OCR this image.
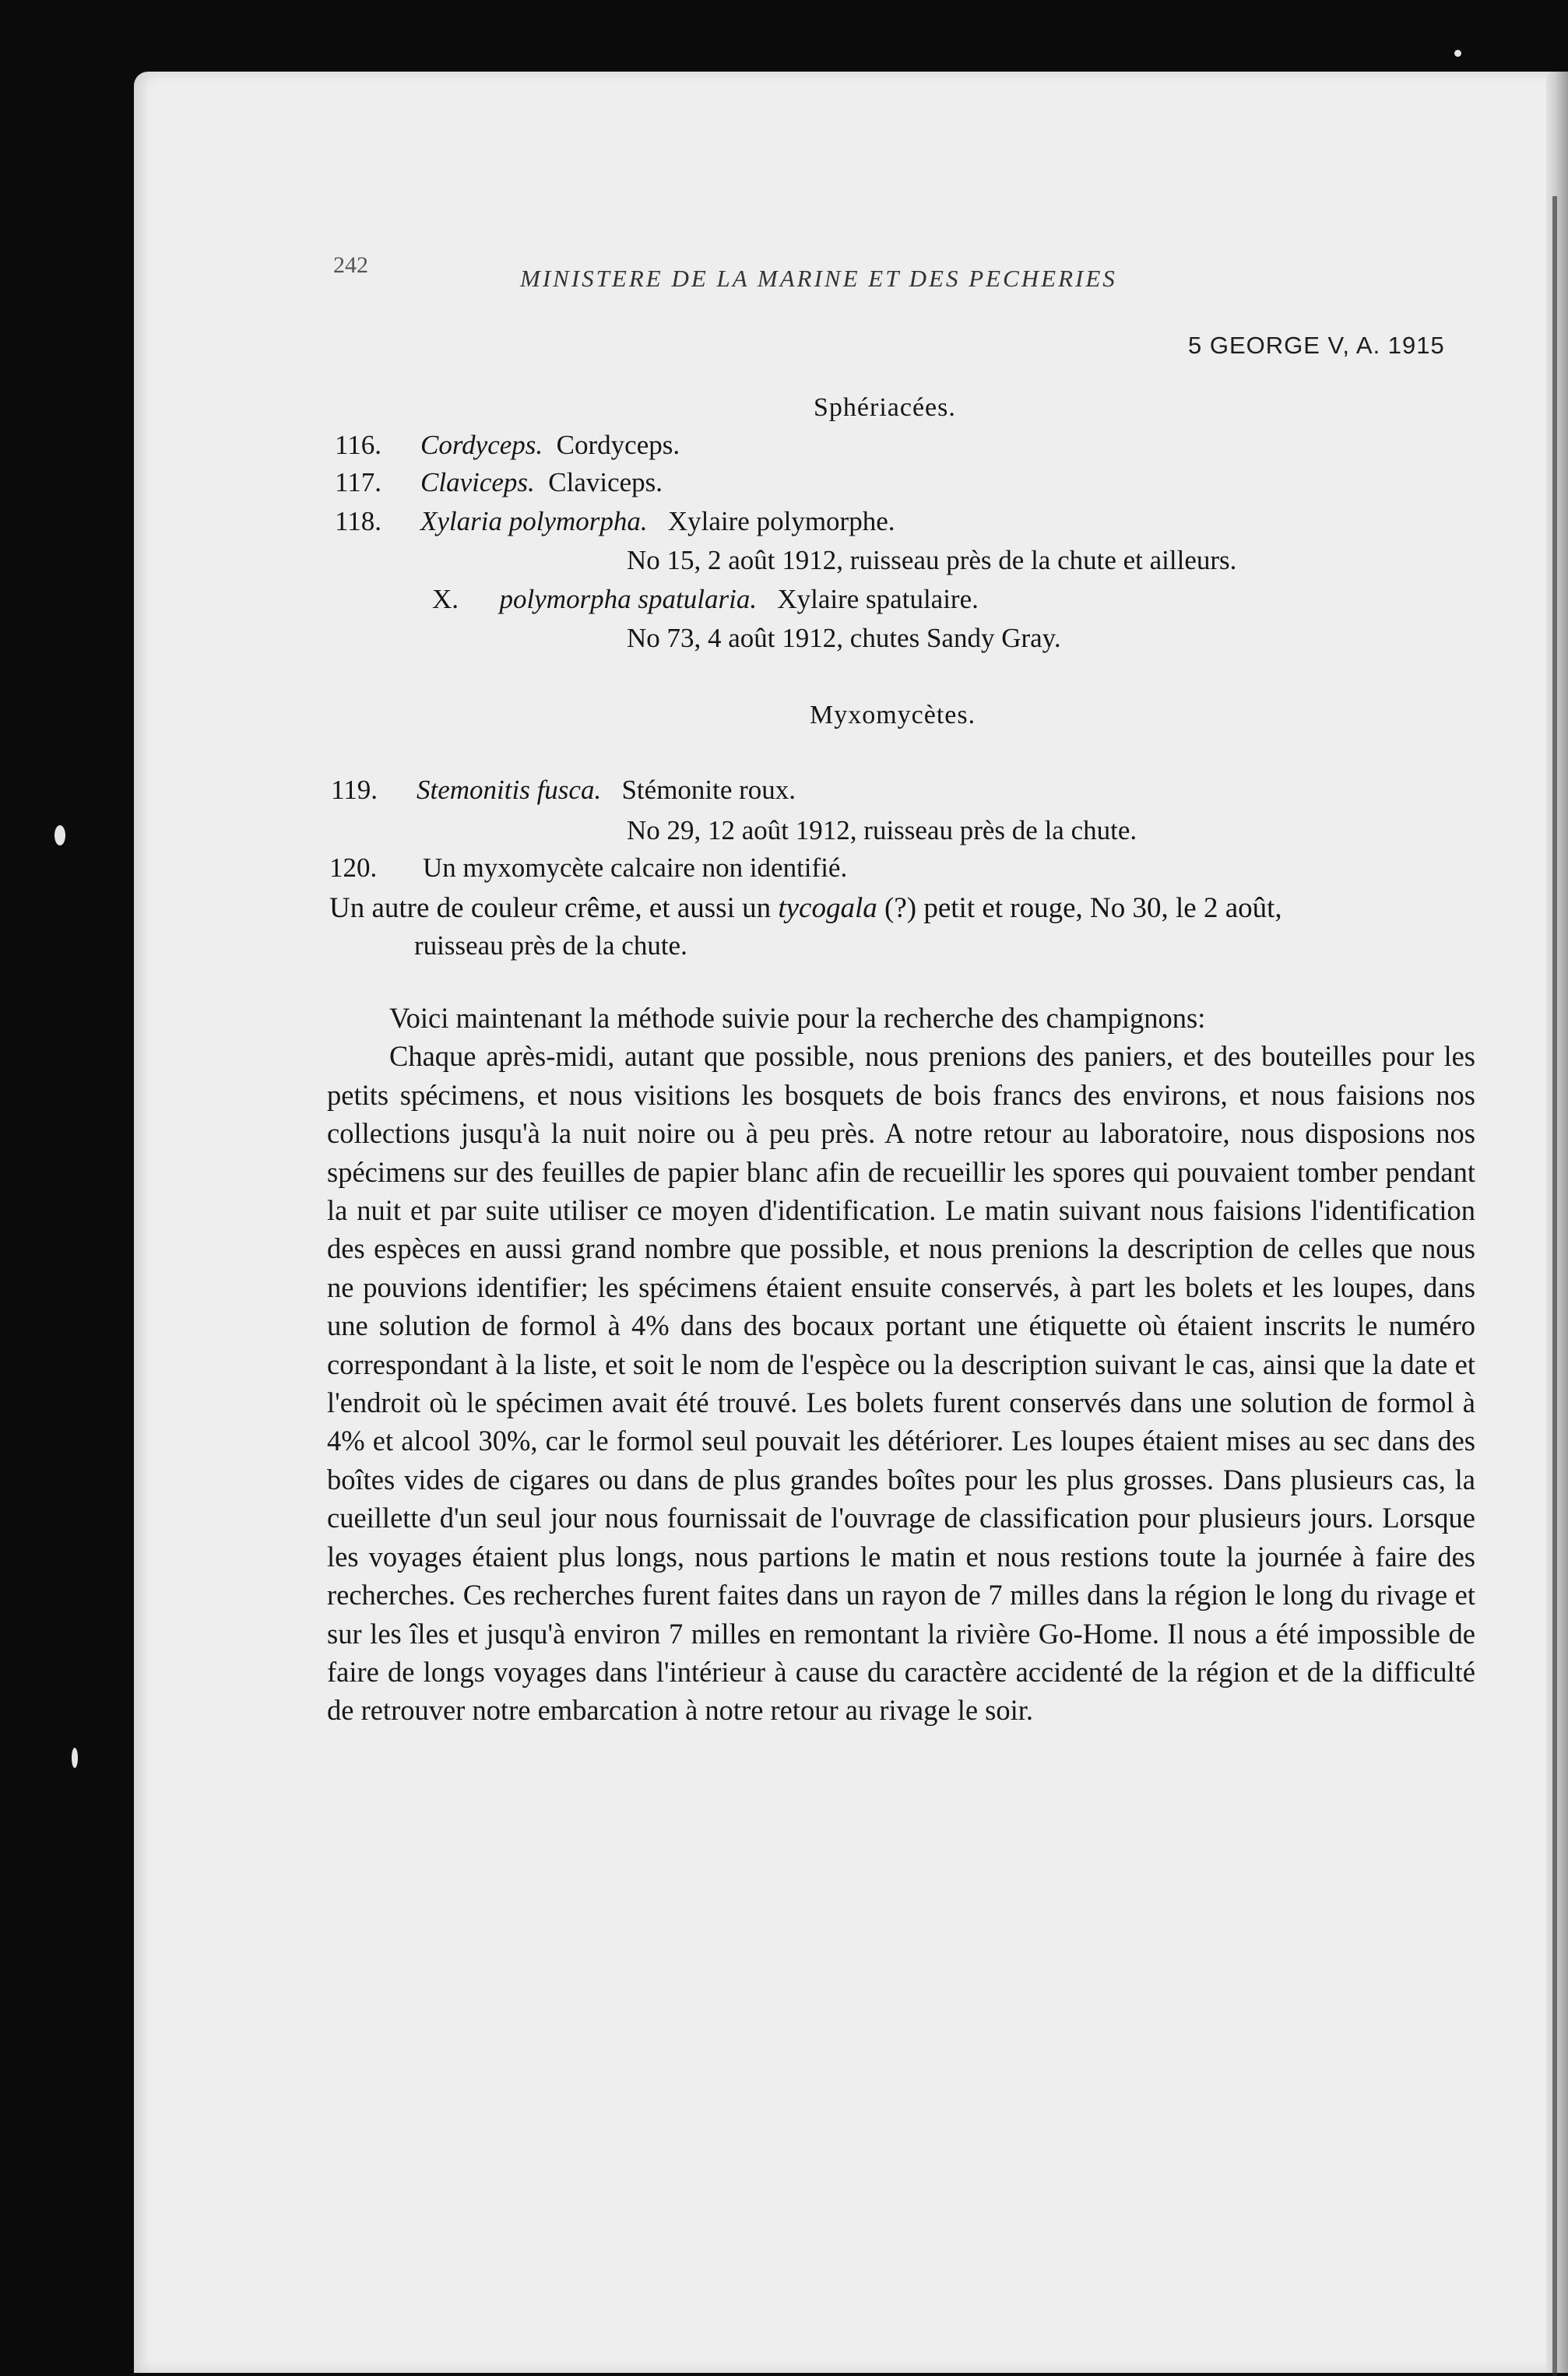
242	MINISTERE DE LA MARINE ET DES PECHERIES
5 GEORGE V, A. 1915
Sphériacées.
116. Cordyceps. Cordyceps.
117. Claviceps. Claviceps.
118. Xylaria polymorpha. Xylaire polymorphe.
No 15, 2 août 1912, ruisseau près de la chute et ailleurs.
X. polymorpha spatularia. Xylaire spatulaire.
No 73, 4 août 1912, chutes Sandy Gray.
Myxomycètes.
119. Stemonitis fusca. Stémonite roux.
No 29, 12 août 1912, ruisseau près de la chute.
120. Un myxomycète calcaire non identifié.
Un autre de couleur crême, et aussi un tycogala (?) petit et rouge, No 30, le 2 août,
ruisseau près de la chute.

Voici maintenant la méthode suivie pour la recherche des champignons:

Chaque après-midi, autant que possible, nous prenions des paniers, et des bouteilles pour les petits spécimens, et nous visitions les bosquets de bois francs des environs, et nous faisions nos collections jusqu'à la nuit noire ou à peu près. A notre retour au laboratoire, nous disposions nos spécimens sur des feuilles de papier blanc afin de recueillir les spores qui pouvaient tomber pendant la nuit et par suite utiliser ce moyen d'identification. Le matin suivant nous faisions l'identification des espèces en aussi grand nombre que possible, et nous prenions la description de celles que nous ne pouvions identifier; les spécimens étaient ensuite conservés, à part les bolets et les loupes, dans une solution de formol à 4% dans des bocaux portant une étiquette où étaient inscrits le numéro correspondant à la liste, et soit le nom de l'espèce ou la description suivant le cas, ainsi que la date et l'endroit où le spécimen avait été trouvé. Les bolets furent conservés dans une solution de formol à 4% et alcool 30%, car le formol seul pouvait les détériorer. Les loupes étaient mises au sec dans des boîtes vides de cigares ou dans de plus grandes boîtes pour les plus grosses. Dans plusieurs cas, la cueillette d'un seul jour nous fournissait de l'ouvrage de classification pour plusieurs jours. Lorsque les voyages étaient plus longs, nous partions le matin et nous restions toute la journée à faire des recherches. Ces recherches furent faites dans un rayon de 7 milles dans la région le long du rivage et sur les îles et jusqu'à environ 7 milles en remontant la rivière Go-Home. Il nous a été impossible de faire de longs voyages dans l'intérieur à cause du caractère accidenté de la région et de la difficulté de retrouver notre embarcation à notre retour au rivage le soir.
